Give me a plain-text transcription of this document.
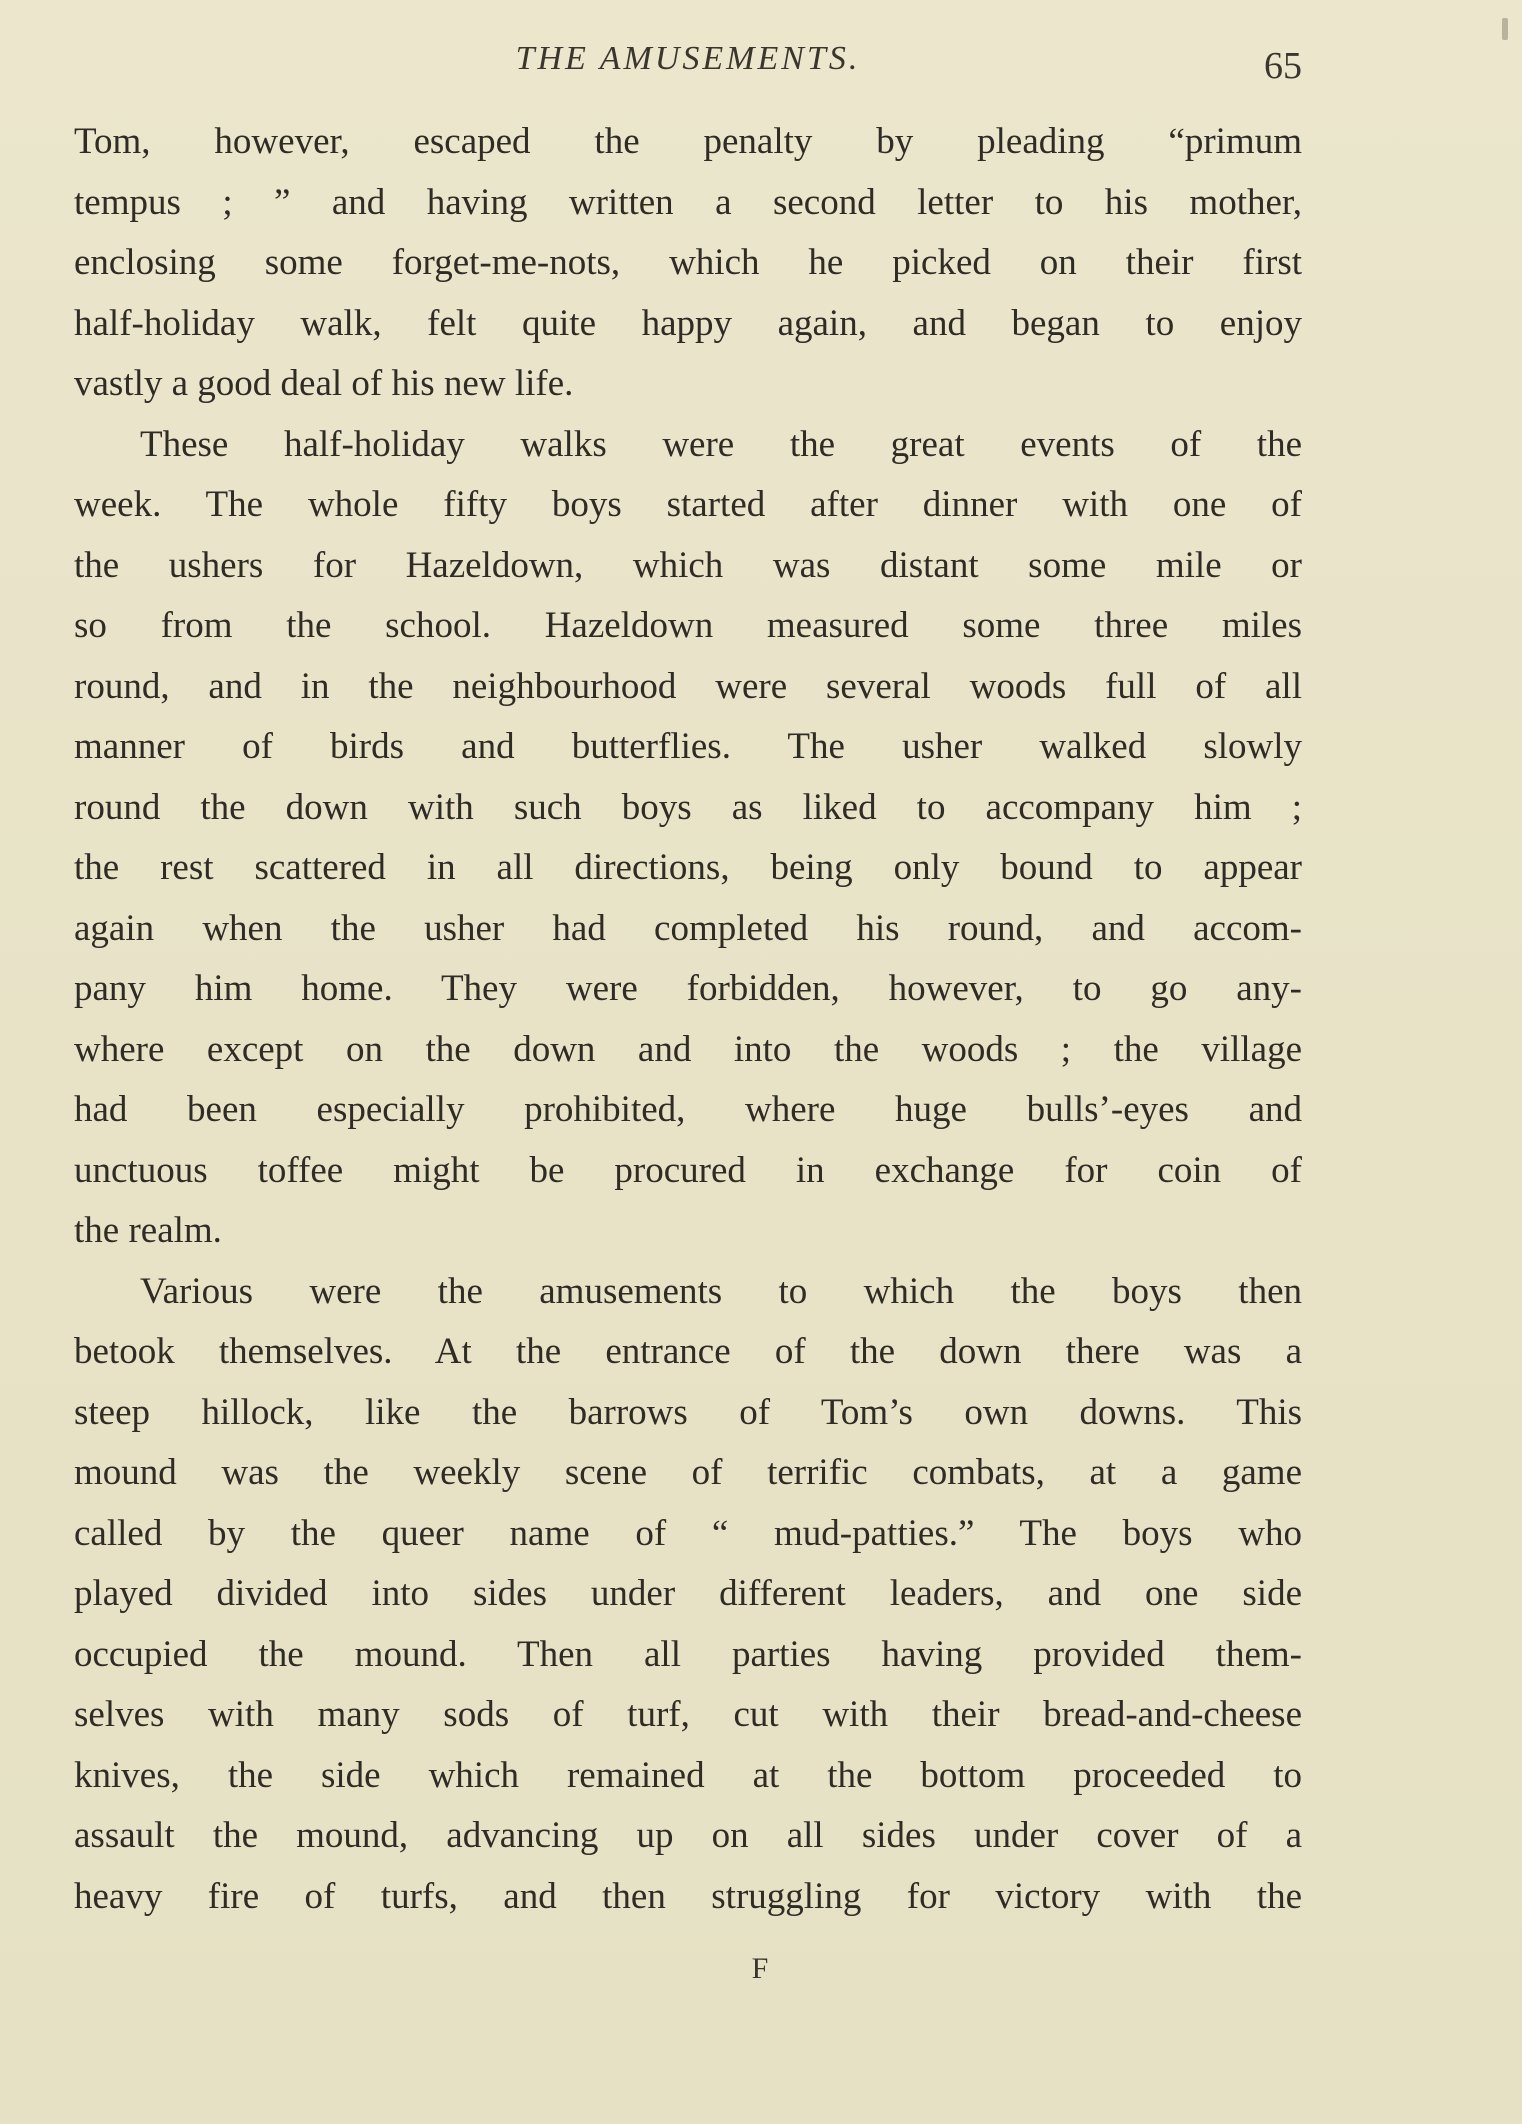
THE AMUSEMENTS.	65

Tom, however, escaped the penalty by pleading “primum
tempus ; ” and having written a second letter to his mother,
enclosing some forget-me-nots, which he picked on their first
half-holiday walk, felt quite happy again, and began to enjoy
vastly a good deal of his new life.

These half-holiday walks were the great events of the
week. The whole fifty boys started after dinner with one of
the ushers for Hazeldown, which was distant some mile or
so from the school. Hazeldown measured some three miles
round, and in the neighbourhood were several woods full of all
manner of birds and butterflies. The usher walked slowly
round the down with such boys as liked to accompany him ;
the rest scattered in all directions, being only bound to appear
again when the usher had completed his round, and accom-
pany him home. They were forbidden, however, to go any-
where except on the down and into the woods ; the village
had been especially prohibited, where huge bulls’-eyes and
unctuous toffee might be procured in exchange for coin of
the realm.

Various were the amusements to which the boys then
betook themselves. At the entrance of the down there was a
steep hillock, like the barrows of Tom’s own downs. This
mound was the weekly scene of terrific combats, at a game
called by the queer name of “ mud-patties.” The boys who
played divided into sides under different leaders, and one side
occupied the mound. Then all parties having provided them-
selves with many sods of turf, cut with their bread-and-cheese
knives, the side which remained at the bottom proceeded to
assault the mound, advancing up on all sides under cover of a
heavy fire of turfs, and then struggling for victory with the

F
